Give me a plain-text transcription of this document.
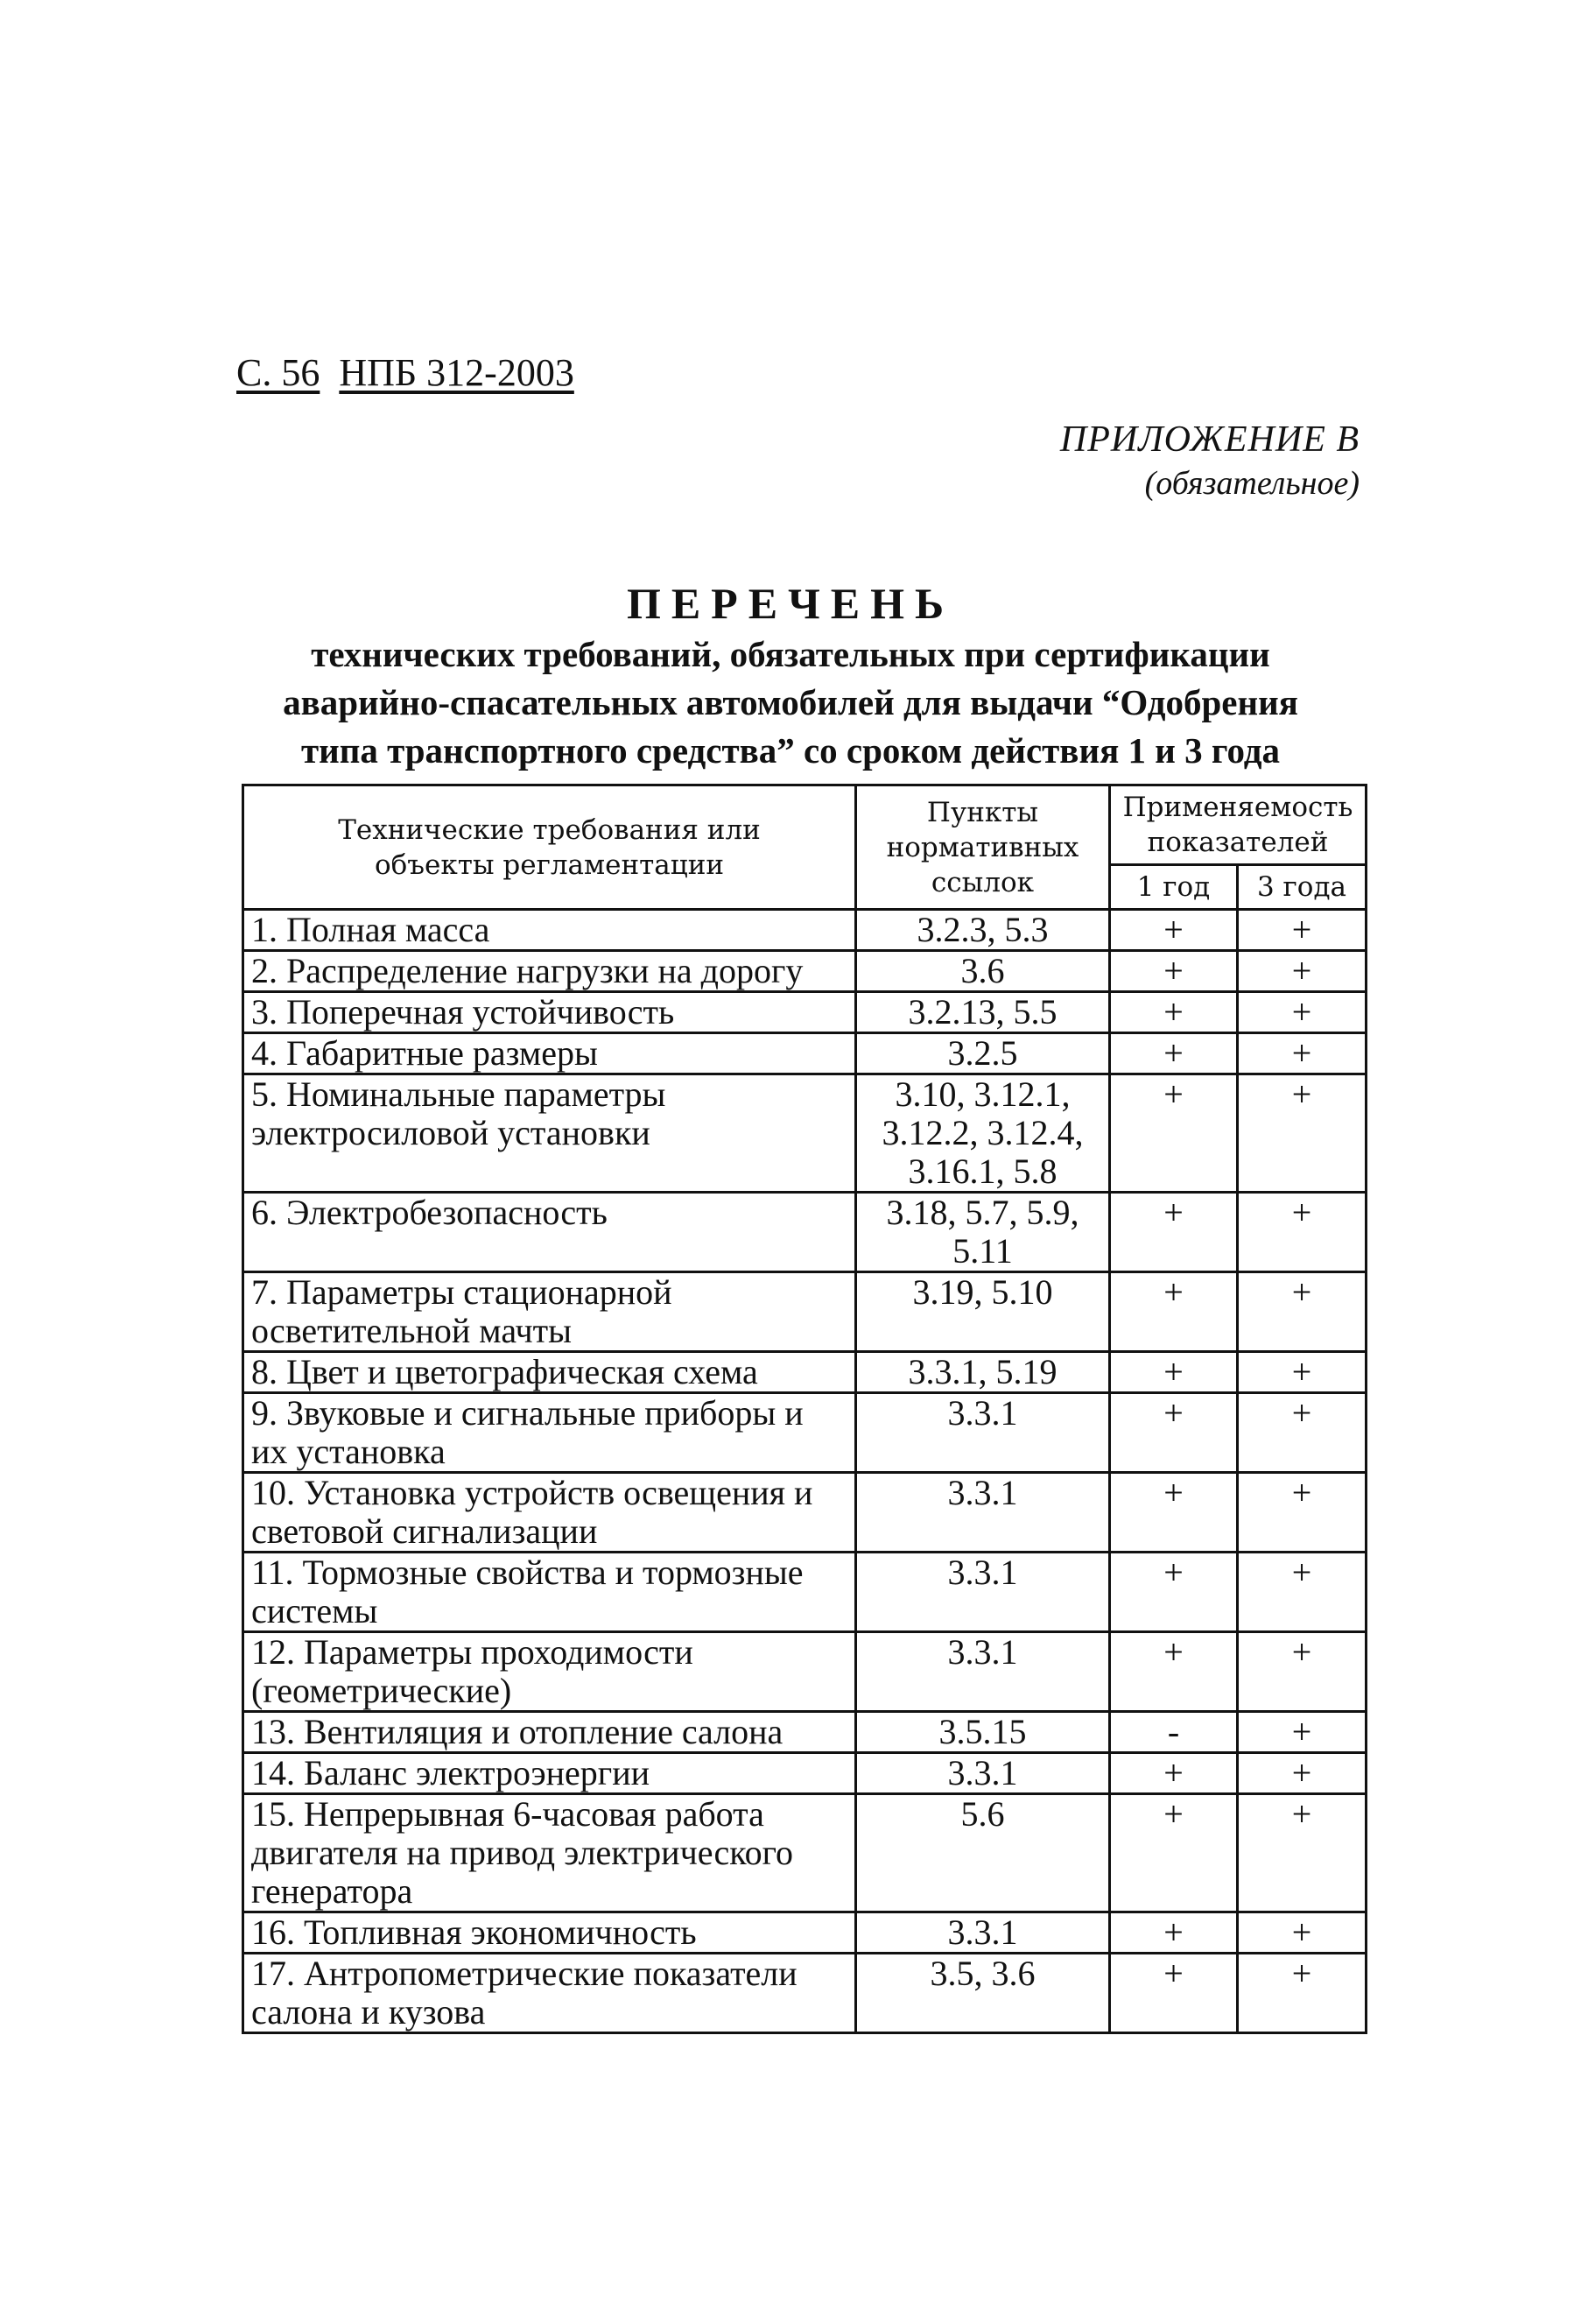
С. 56 НПБ 312-2003
ПРИЛОЖЕНИЕ В
(обязательное)
ПЕРЕЧЕНЬ
технических требований, обязательных при сертификации
аварийно-спасательных автомобилей для выдачи “Одобрения
типа транспортного средства” со сроком действия 1 и 3 года
Технические требования или объекты регламентации	Пункты нормативных ссылок	Применяемость показателей	
		1 год	3 года
1. Полная масса	3.2.3, 5.3	+	+
2. Распределение нагрузки на дорогу	3.6	+	+
3. Поперечная устойчивость	3.2.13, 5.5	+	+
4. Габаритные размеры	3.2.5	+	+
5. Номинальные параметры электросиловой установки	3.10, 3.12.1, 3.12.2, 3.12.4, 3.16.1, 5.8	+	+
6. Электробезопасность	3.18, 5.7, 5.9, 5.11	+	+
7. Параметры стационарной осветительной мачты	3.19, 5.10	+	+
8. Цвет и цветографическая схема	3.3.1, 5.19	+	+
9. Звуковые и сигнальные приборы и их установка	3.3.1	+	+
10. Установка устройств освещения и световой сигнализации	3.3.1	+	+
11. Тормозные свойства и тормозные системы	3.3.1	+	+
12. Параметры проходимости (геометрические)	3.3.1	+	+
13. Вентиляция и отопление салона	3.5.15	-	+
14. Баланс электроэнергии	3.3.1	+	+
15. Непрерывная 6-часовая работа двигателя на привод электрического генератора	5.6	+	+
16. Топливная экономичность	3.3.1	+	+
17. Антропометрические показатели салона и кузова	3.5, 3.6	+	+
